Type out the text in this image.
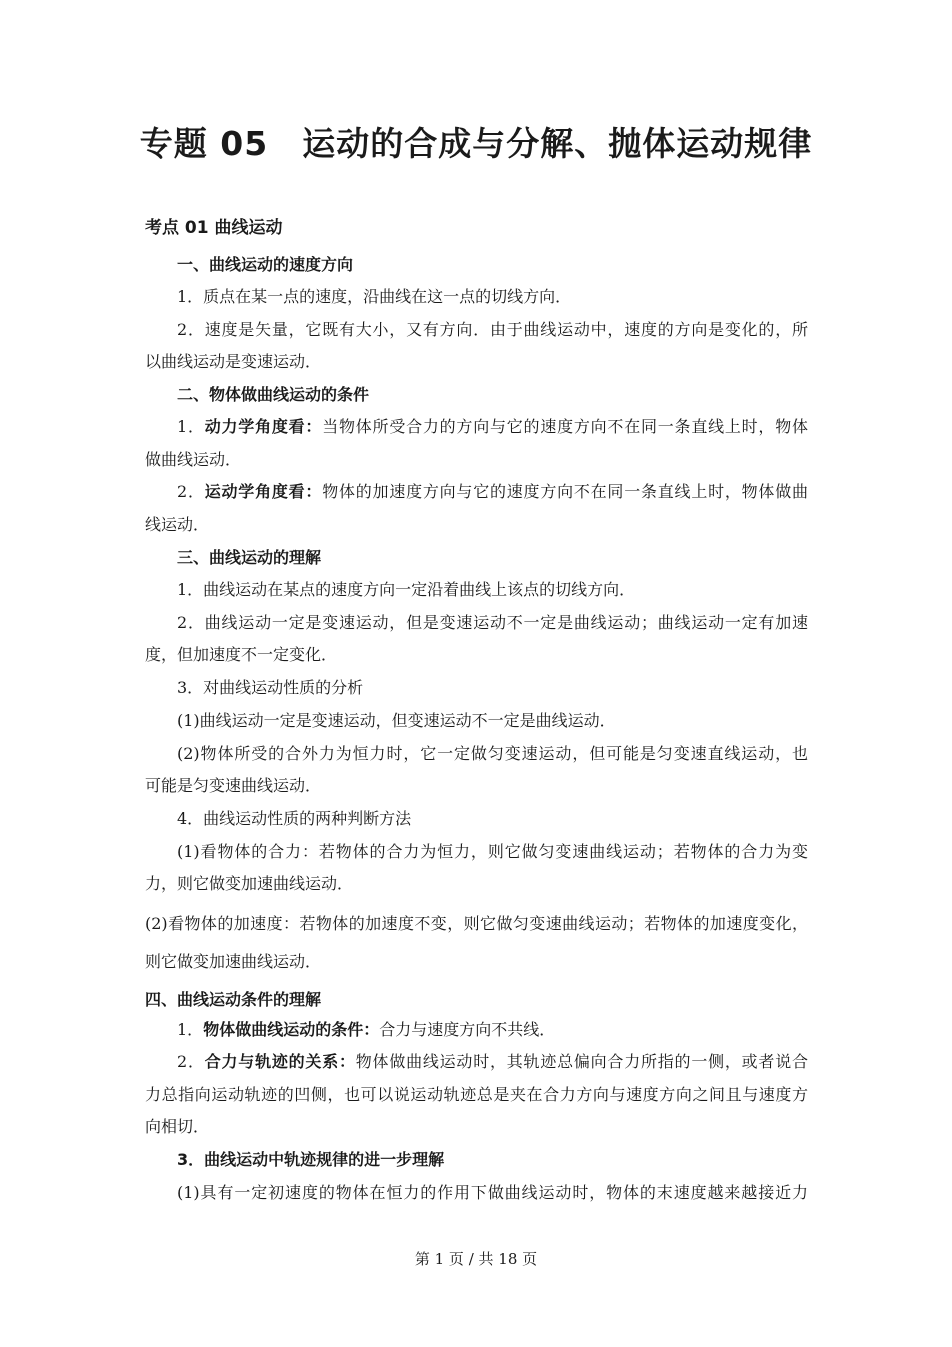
专题 05　运动的合成与分解、抛体运动规律
考点 01 曲线运动
一、曲线运动的速度方向
1．质点在某一点的速度，沿曲线在这一点的切线方向．
2．速度是矢量，它既有大小，又有方向．由于曲线运动中，速度的方向是变化的，所
以曲线运动是变速运动．
二、物体做曲线运动的条件
1．动力学角度看：当物体所受合力的方向与它的速度方向不在同一条直线上时，物体
做曲线运动．
2．运动学角度看：物体的加速度方向与它的速度方向不在同一条直线上时，物体做曲
线运动．
三、曲线运动的理解
1．曲线运动在某点的速度方向一定沿着曲线上该点的切线方向．
2．曲线运动一定是变速运动，但是变速运动不一定是曲线运动；曲线运动一定有加速
度，但加速度不一定变化．
3．对曲线运动性质的分析
(1)曲线运动一定是变速运动，但变速运动不一定是曲线运动．
(2)物体所受的合外力为恒力时，它一定做匀变速运动，但可能是匀变速直线运动，也
可能是匀变速曲线运动．
4．曲线运动性质的两种判断方法
(1)看物体的合力：若物体的合力为恒力，则它做匀变速曲线运动；若物体的合力为变
力，则它做变加速曲线运动．
(2)看物体的加速度：若物体的加速度不变，则它做匀变速曲线运动；若物体的加速度变化，
则它做变加速曲线运动．
四、曲线运动条件的理解
1．物体做曲线运动的条件：合力与速度方向不共线．
2．合力与轨迹的关系：物体做曲线运动时，其轨迹总偏向合力所指的一侧，或者说合
力总指向运动轨迹的凹侧，也可以说运动轨迹总是夹在合力方向与速度方向之间且与速度方
向相切．
3．曲线运动中轨迹规律的进一步理解
(1)具有一定初速度的物体在恒力的作用下做曲线运动时，物体的末速度越来越接近力
第 1 页 / 共 18 页
